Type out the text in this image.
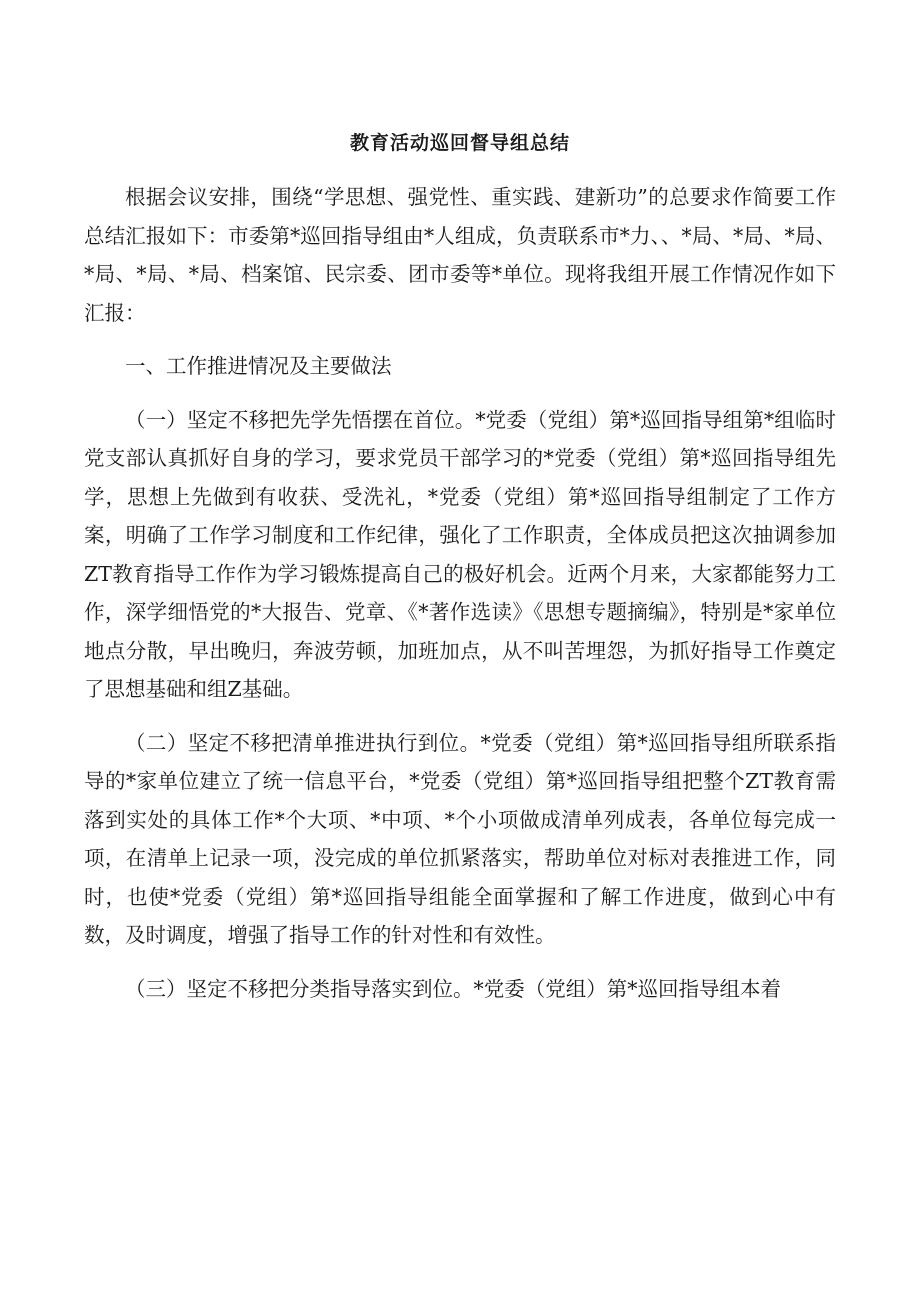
教育活动巡回督导组总结

根据会议安排，围绕“学思想、强党性、重实践、建新功”的总要求作简要工作总结汇报如下：市委第*巡回指导组由*人组成，负责联系市*力、、*局、*局、*局、*局、*局、*局、档案馆、民宗委、团市委等*单位。现将我组开展工作情况作如下汇报：

一、工作推进情况及主要做法

（一）坚定不移把先学先悟摆在首位。*党委（党组）第*巡回指导组第*组临时党支部认真抓好自身的学习，要求党员干部学习的*党委（党组）第*巡回指导组先学，思想上先做到有收获、受洗礼，*党委（党组）第*巡回指导组制定了工作方案，明确了工作学习制度和工作纪律，强化了工作职责，全体成员把这次抽调参加ZT教育指导工作作为学习锻炼提高自己的极好机会。近两个月来，大家都能努力工作，深学细悟党的*大报告、党章、《*著作选读》《思想专题摘编》，特别是*家单位地点分散，早出晚归，奔波劳顿，加班加点，从不叫苦埋怨，为抓好指导工作奠定了思想基础和组Z基础。

（二）坚定不移把清单推进执行到位。*党委（党组）第*巡回指导组所联系指导的*家单位建立了统一信息平台，*党委（党组）第*巡回指导组把整个ZT教育需落到实处的具体工作*个大项、*中项、*个小项做成清单列成表，各单位每完成一项，在清单上记录一项，没完成的单位抓紧落实，帮助单位对标对表推进工作，同时，也使*党委（党组）第*巡回指导组能全面掌握和了解工作进度，做到心中有数，及时调度，增强了指导工作的针对性和有效性。

（三）坚定不移把分类指导落实到位。*党委（党组）第*巡回指导组本着
